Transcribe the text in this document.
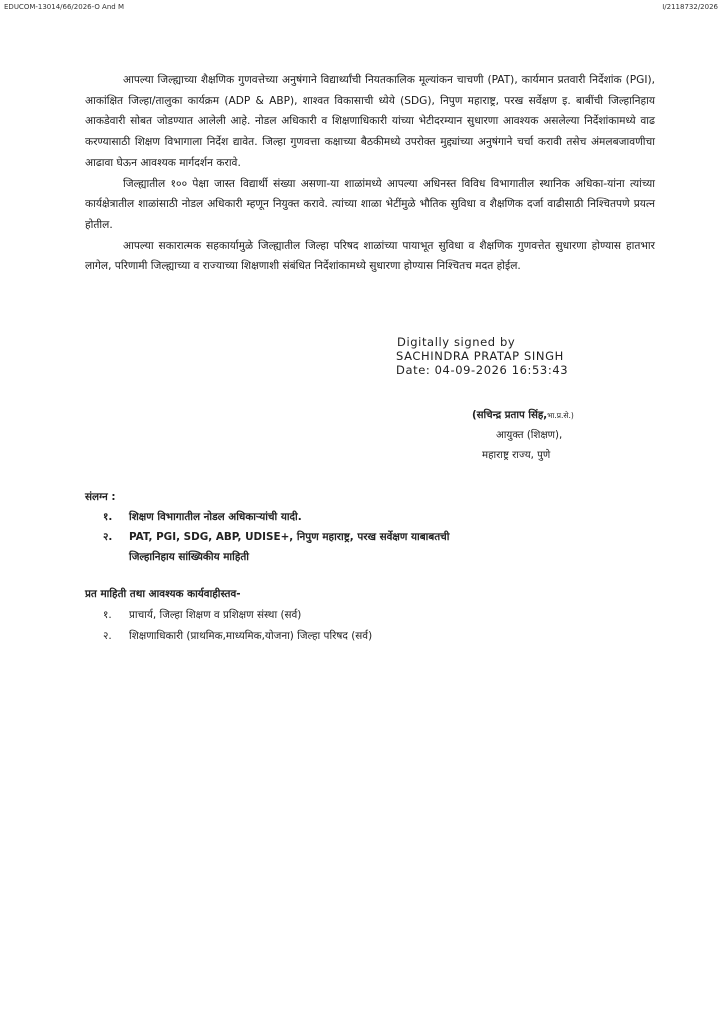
EDUCOM-13014/66/2026-O And M	I/2118732/2026

आपल्या जिल्ह्याच्या शैक्षणिक गुणवत्तेच्या अनुषंगाने विद्यार्थ्यांची नियतकालिक मूल्यांकन चाचणी (PAT), कार्यमान प्रतवारी निर्देशांक (PGI), आकांक्षित जिल्हा/तालुका कार्यक्रम (ADP & ABP), शाश्वत विकासाची ध्येये (SDG), निपुण महाराष्ट्र, परख सर्वेक्षण इ. बाबींची जिल्हानिहाय आकडेवारी सोबत जोडण्यात आलेली आहे. नोडल अधिकारी व शिक्षणाधिकारी यांच्या भेटीदरम्यान सुधारणा आवश्यक असलेल्या निर्देशांकामध्ये वाढ करण्यासाठी शिक्षण विभागाला निर्देश द्यावेत. जिल्हा गुणवत्ता कक्षाच्या बैठकीमध्ये उपरोक्त मुद्द्यांच्या अनुषंगाने चर्चा करावी तसेच अंमलबजावणीचा आढावा घेऊन आवश्यक मार्गदर्शन करावे.

जिल्ह्यातील १०० पेक्षा जास्त विद्यार्थी संख्या असणा-या शाळांमध्ये आपल्या अधिनस्त विविध विभागातील स्थानिक अधिका-यांना त्यांच्या कार्यक्षेत्रातील शाळांसाठी नोडल अधिकारी म्हणून नियुक्त करावे. त्यांच्या शाळा भेटींमुळे भौतिक सुविधा व शैक्षणिक दर्जा वाढीसाठी निश्चितपणे प्रयत्न होतील.

आपल्या सकारात्मक सहकार्यामुळे जिल्ह्यातील जिल्हा परिषद शाळांच्या पायाभूत सुविधा व शैक्षणिक गुणवत्तेत सुधारणा होण्यास हातभार लागेल, परिणामी जिल्ह्याच्या व राज्याच्या शिक्षणाशी संबंधित निर्देशांकामध्ये सुधारणा होण्यास निश्चितच मदत होईल.

Digitally signed by
SACHINDRA PRATAP SINGH
Date: 04-09-2026 16:53:43
(सचिन्द्र प्रताप सिंह,भा.प्र.से.)
आयुक्त (शिक्षण),
महाराष्ट्र राज्य, पुणे
संलग्न :
१. शिक्षण विभागातील नोडल अधिकाऱ्यांची यादी.
२. PAT, PGI, SDG, ABP, UDISE+, निपुण महाराष्ट्र, परख सर्वेक्षण याबाबतची
जिल्हानिहाय सांख्यिकीय माहिती
प्रत माहिती तथा आवश्यक कार्यवाहीस्तव-
१. प्राचार्य, जिल्हा शिक्षण व प्रशिक्षण संस्था (सर्व)
२. शिक्षणाधिकारी (प्राथमिक,माध्यमिक,योजना) जिल्हा परिषद (सर्व)
